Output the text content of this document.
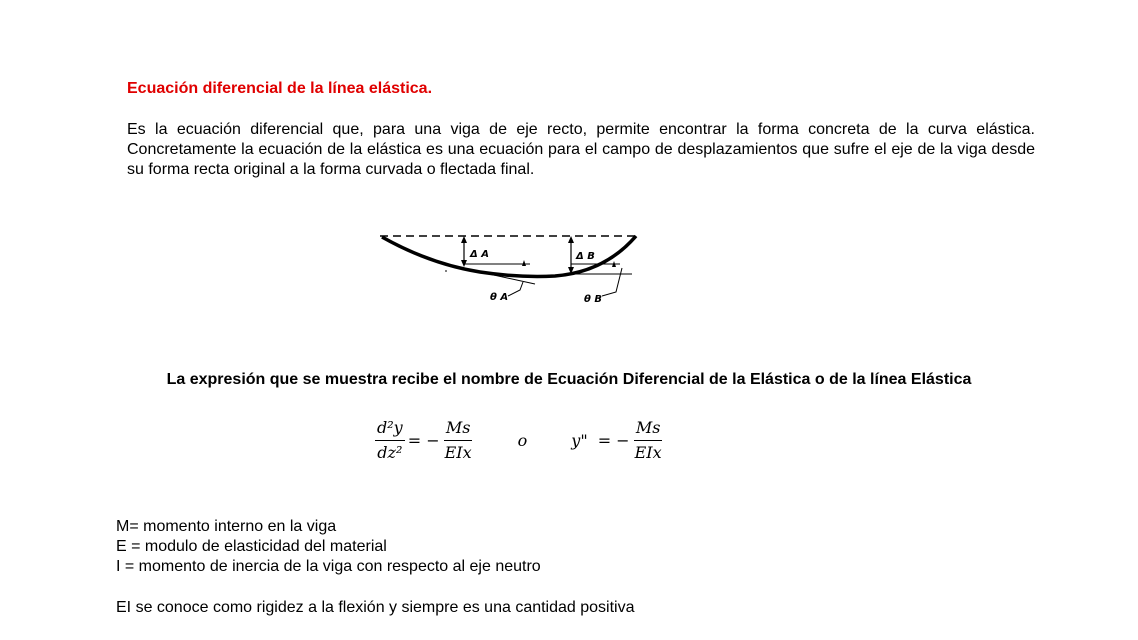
Ecuación diferencial de la línea elástica.

Es la ecuación diferencial que, para una viga de eje recto, permite encontrar la forma concreta de la curva elástica. Concretamente la ecuación de la elástica es una ecuación para el campo de desplazamientos que sufre el eje de la viga desde su forma recta original a la forma curvada o flectada final.

Δ A	Δ B
θ A	θ B

La expresión que se muestra recibe el nombre de Ecuación Diferencial de la Elástica o de la línea Elástica

$\frac{\text{d²y}}{\text{dz²}}$ = − $\frac{Ms}{\text{EIx}}$	o	y" = − $\frac{Ms}{\text{EIx}}$
M= momento interno en la viga
E = modulo de elasticidad del material
I = momento de inercia de la viga con respecto al eje neutro

EI se conoce como rigidez a la flexión y siempre es una cantidad positiva
